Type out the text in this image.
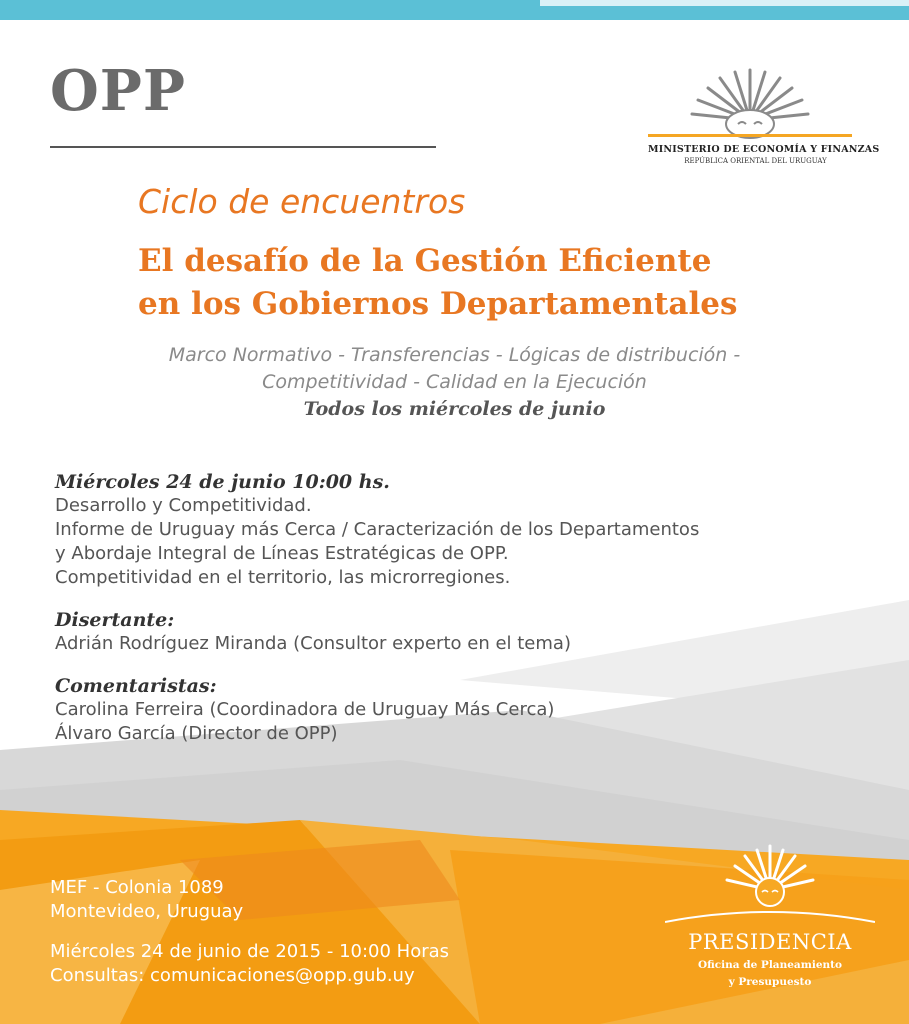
OPP
MINISTERIO DE ECONOMÍA Y FINANZAS
REPÚBLICA ORIENTAL DEL URUGUAY
Ciclo de encuentros
El desafío de la Gestión Eficiente
en los Gobiernos Departamentales
Marco Normativo - Transferencias - Lógicas de distribución -
Competitividad - Calidad en la Ejecución
Todos los miércoles de junio
Miércoles 24 de junio 10:00 hs.
Desarrollo y Competitividad.
Informe de Uruguay más Cerca / Caracterización de los Departamentos
y Abordaje Integral de Líneas Estratégicas de OPP.
Competitividad en el territorio, las microrregiones.
Disertante:
Adrián Rodríguez Miranda (Consultor experto en el tema)
Comentaristas:
Carolina Ferreira (Coordinadora de Uruguay Más Cerca)
Álvaro García (Director de OPP)
MEF - Colonia 1089
Montevideo, Uruguay
Miércoles 24 de junio de 2015 - 10:00 Horas
Consultas: comunicaciones@opp.gub.uy
PRESIDENCIA
Oficina de Planeamiento
y Presupuesto
